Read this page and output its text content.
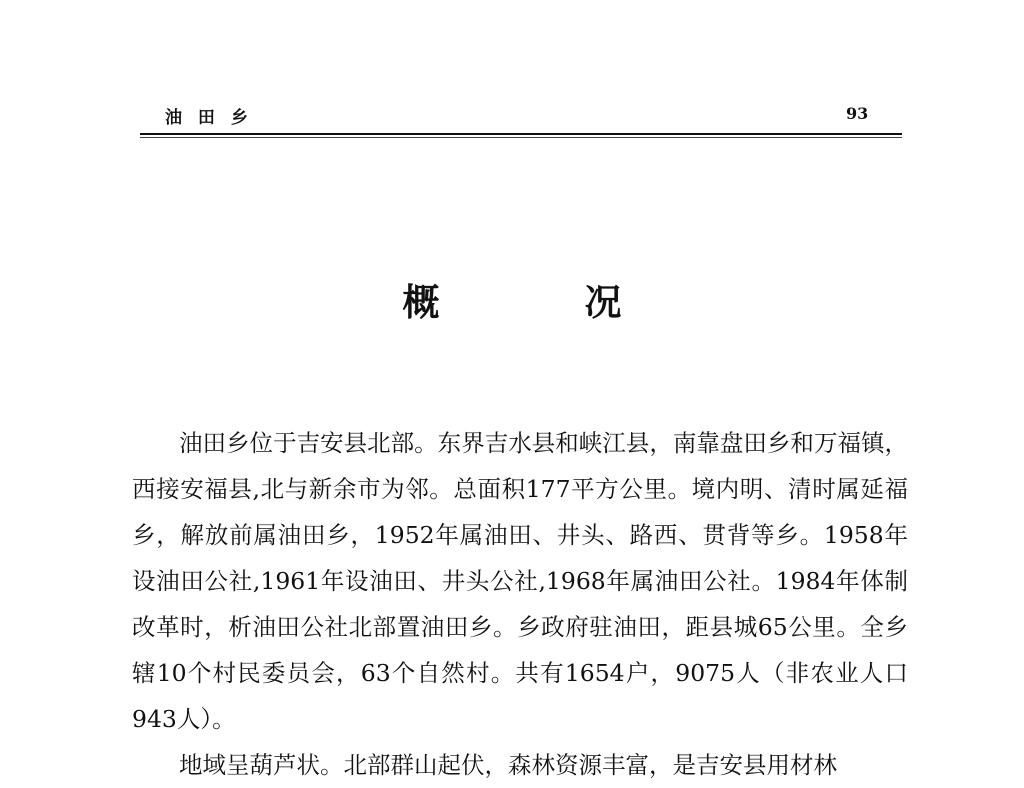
油 田 乡	93
概	况

油田乡位于吉安县北部。东界吉水县和峡江县，南靠盘田乡和万福镇，西接安福县,北与新余市为邻。总面积177平方公里。境内明、清时属延福乡，解放前属油田乡，1952年属油田、井头、路西、贯背等乡。1958年设油田公社,1961年设油田、井头公社,1968年属油田公社。1984年体制改革时，析油田公社北部置油田乡。乡政府驻油田，距县城65公里。全乡辖10个村民委员会，63个自然村。共有1654户，9075人（非农业人口943人）。

地域呈葫芦状。北部群山起伏，森林资源丰富，是吉安县用材林
